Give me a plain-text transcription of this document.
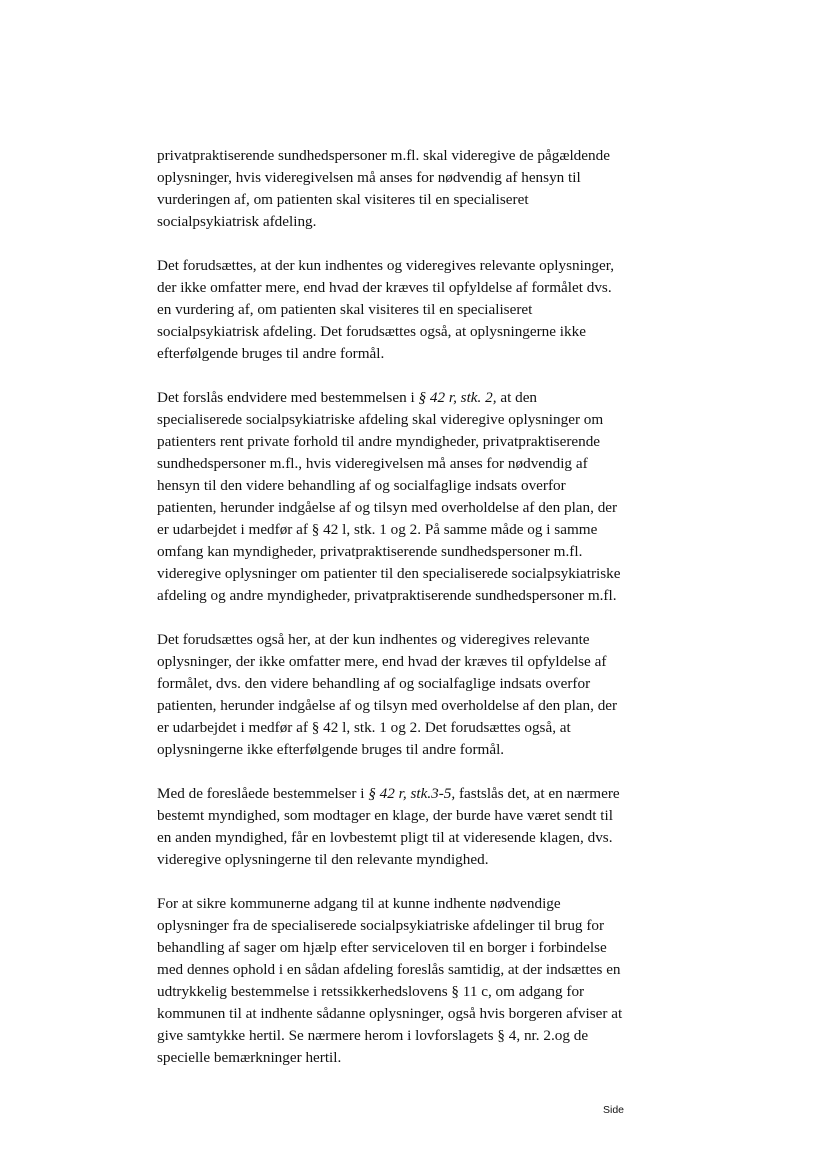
privatpraktiserende sundhedspersoner m.fl. skal videregive de pågældende
oplysninger, hvis videregivelsen må anses for nødvendig af hensyn til
vurderingen af, om patienten skal visiteres til en specialiseret
socialpsykiatrisk afdeling.

Det forudsættes, at der kun indhentes og videregives relevante oplysninger,
der ikke omfatter mere, end hvad der kræves til opfyldelse af formålet dvs.
en vurdering af, om patienten skal visiteres til en specialiseret
socialpsykiatrisk afdeling. Det forudsættes også, at oplysningerne ikke
efterfølgende bruges til andre formål.

Det forslås endvidere med bestemmelsen i § 42 r, stk. 2, at den
specialiserede socialpsykiatriske afdeling skal videregive oplysninger om
patienters rent private forhold til andre myndigheder, privatpraktiserende
sundhedspersoner m.fl., hvis videregivelsen må anses for nødvendig af
hensyn til den videre behandling af og socialfaglige indsats overfor
patienten, herunder indgåelse af og tilsyn med overholdelse af den plan, der
er udarbejdet i medfør af § 42 l, stk. 1 og 2. På samme måde og i samme
omfang kan myndigheder, privatpraktiserende sundhedspersoner m.fl.
videregive oplysninger om patienter til den specialiserede socialpsykiatriske
afdeling og andre myndigheder, privatpraktiserende sundhedspersoner m.fl.

Det forudsættes også her, at der kun indhentes og videregives relevante
oplysninger, der ikke omfatter mere, end hvad der kræves til opfyldelse af
formålet, dvs. den videre behandling af og socialfaglige indsats overfor
patienten, herunder indgåelse af og tilsyn med overholdelse af den plan, der
er udarbejdet i medfør af § 42 l, stk. 1 og 2. Det forudsættes også, at
oplysningerne ikke efterfølgende bruges til andre formål.

Med de foreslåede bestemmelser i § 42 r, stk.3-5, fastslås det, at en nærmere
bestemt myndighed, som modtager en klage, der burde have været sendt til
en anden myndighed, får en lovbestemt pligt til at videresende klagen, dvs.
videregive oplysningerne til den relevante myndighed.

For at sikre kommunerne adgang til at kunne indhente nødvendige
oplysninger fra de specialiserede socialpsykiatriske afdelinger til brug for
behandling af sager om hjælp efter serviceloven til en borger i forbindelse
med dennes ophold i en sådan afdeling foreslås samtidig, at der indsættes en
udtrykkelig bestemmelse i retssikkerhedslovens § 11 c, om adgang for
kommunen til at indhente sådanne oplysninger, også hvis borgeren afviser at
give samtykke hertil. Se nærmere herom i lovforslagets § 4, nr. 2.og de
specielle bemærkninger hertil.

Side
